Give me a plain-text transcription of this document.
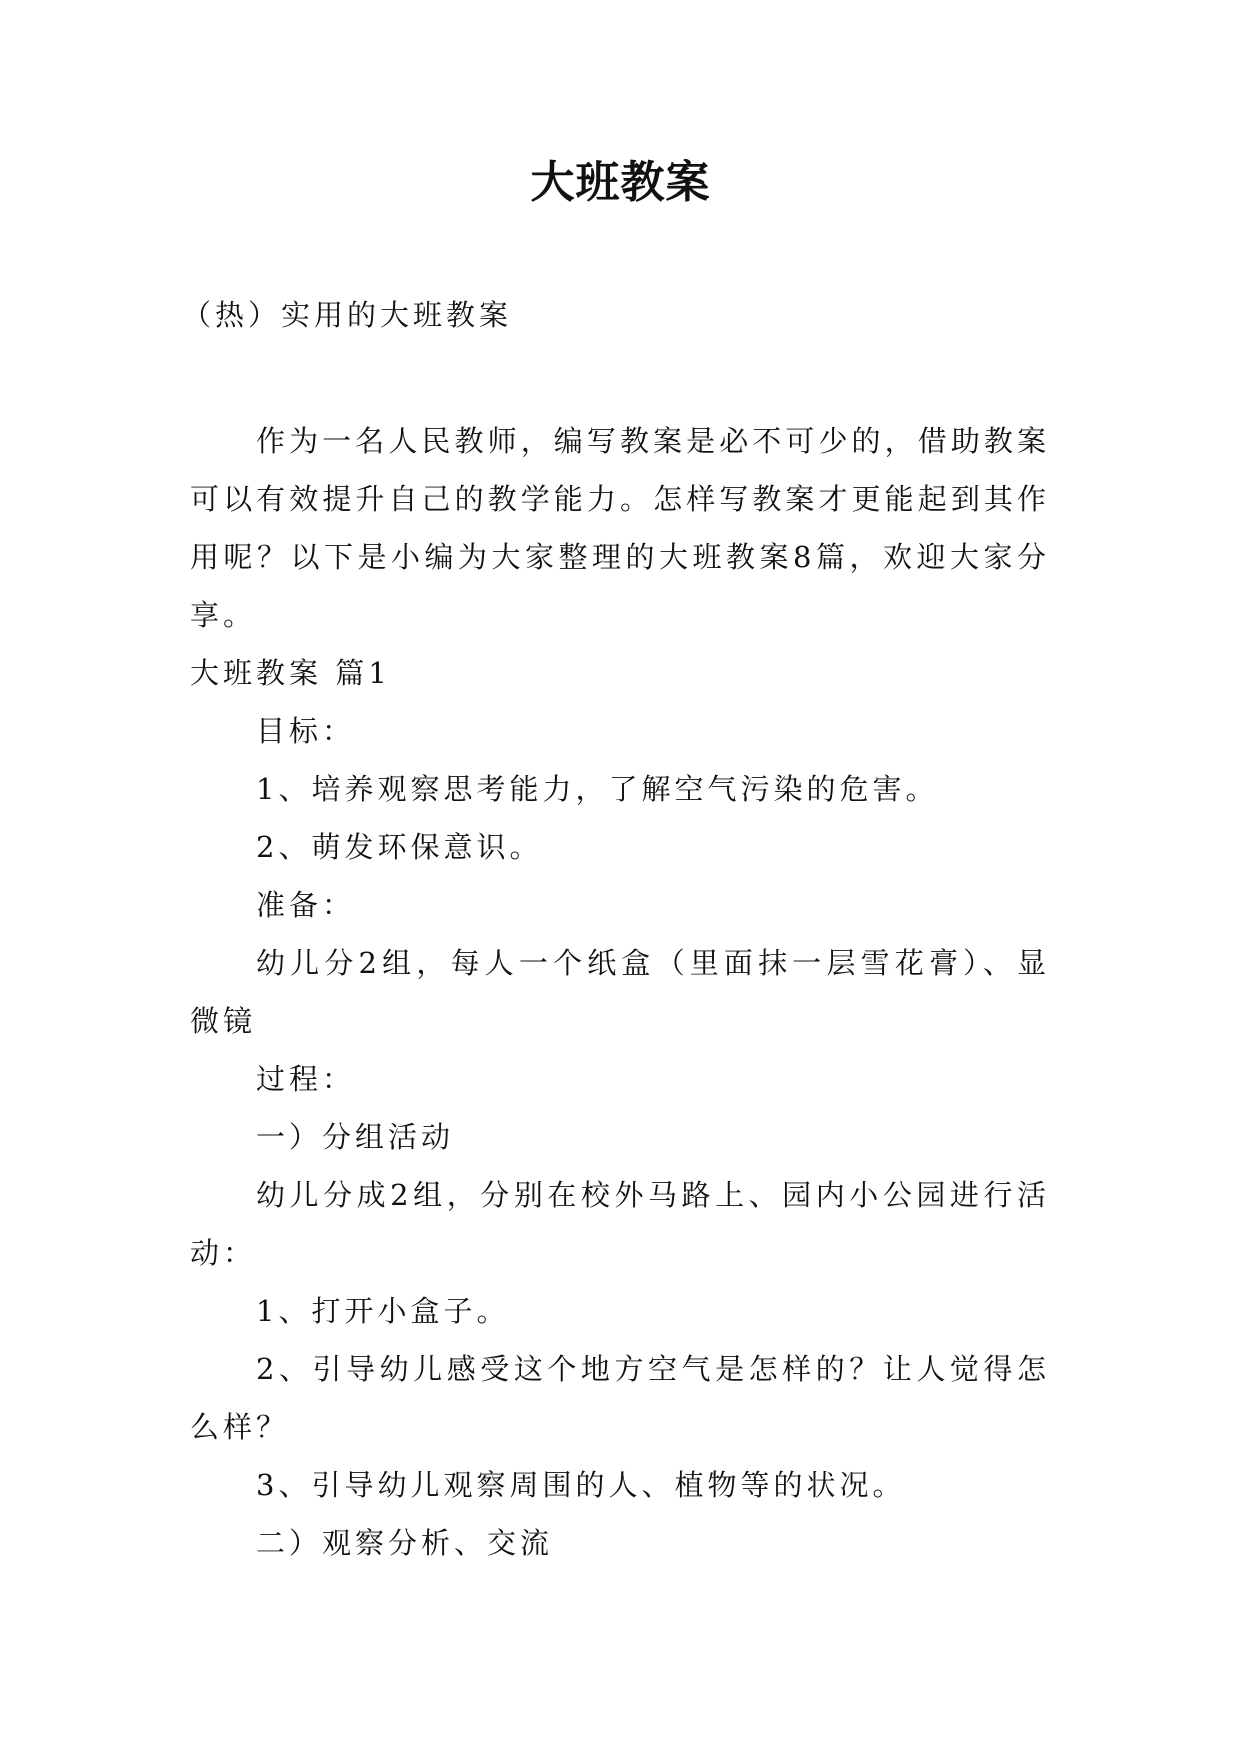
大班教案

（热）实用的大班教案

作为一名人民教师，编写教案是必不可少的，借助教案可以有效提升自己的教学能力。怎样写教案才更能起到其作用呢？以下是小编为大家整理的大班教案8篇，欢迎大家分享。

大班教案 篇1

目标：

1、培养观察思考能力，了解空气污染的危害。

2、萌发环保意识。

准备：

幼儿分2组，每人一个纸盒（里面抹一层雪花膏）、显微镜

过程：

一）分组活动

幼儿分成2组，分别在校外马路上、园内小公园进行活动：

1、打开小盒子。

2、引导幼儿感受这个地方空气是怎样的？让人觉得怎么样？

3、引导幼儿观察周围的人、植物等的状况。

二）观察分析、交流
